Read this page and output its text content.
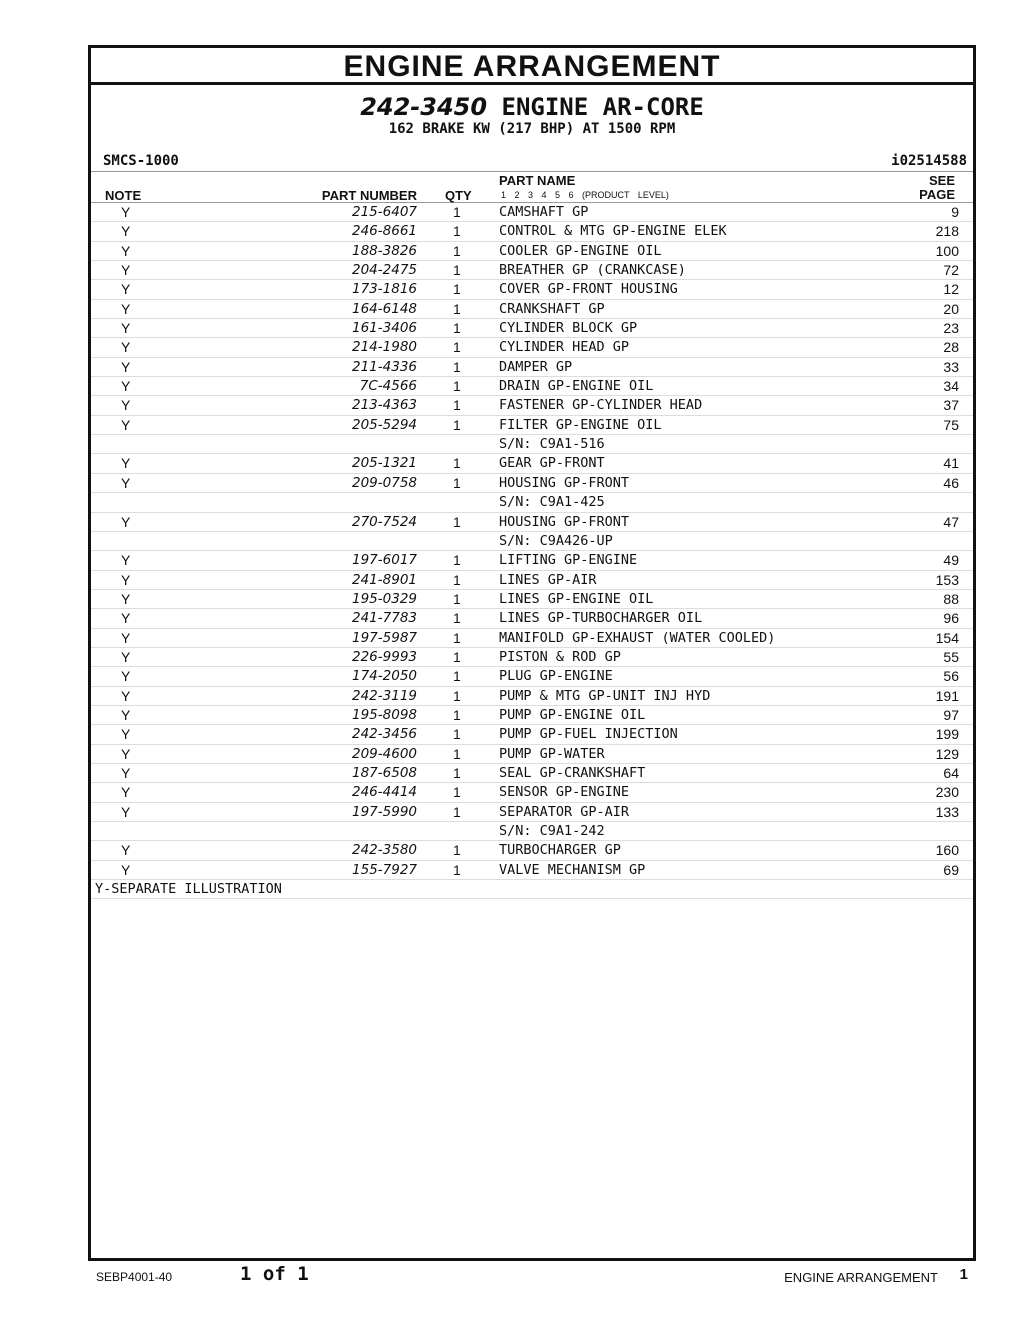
ENGINE ARRANGEMENT
242-3450 ENGINE AR-CORE
162 BRAKE KW (217 BHP) AT 1500 RPM
SMCS-1000	i02514588
NOTE	PART NUMBER QTY
PART NAME
1 2 3 4 5 6 (PRODUCT LEVEL)
SEE
PAGE
Y	215-6407	1	CAMSHAFT GP	9
Y	246-8661	1	CONTROL & MTG GP-ENGINE ELEK	218
Y	188-3826	1	COOLER GP-ENGINE OIL	100
Y	204-2475	1	BREATHER GP (CRANKCASE)	72
Y	173-1816	1	COVER GP-FRONT HOUSING	12
Y	164-6148	1	CRANKSHAFT GP	20
Y	161-3406	1	CYLINDER BLOCK GP	23
Y	214-1980	1	CYLINDER HEAD GP	28
Y	211-4336	1	DAMPER GP	33
Y	7C-4566	1	DRAIN GP-ENGINE OIL	34
Y	213-4363	1	FASTENER GP-CYLINDER HEAD	37
Y	205-5294	1	FILTER GP-ENGINE OIL	75
S/N: C9A1-516
Y	205-1321	1	GEAR GP-FRONT	41
Y	209-0758	1	HOUSING GP-FRONT	46
S/N: C9A1-425
Y	270-7524	1	HOUSING GP-FRONT	47
S/N: C9A426-UP
Y	197-6017	1	LIFTING GP-ENGINE	49
Y	241-8901	1	LINES GP-AIR	153
Y	195-0329	1	LINES GP-ENGINE OIL	88
Y	241-7783	1	LINES GP-TURBOCHARGER OIL	96
Y	197-5987	1	MANIFOLD GP-EXHAUST (WATER COOLED)	154
Y	226-9993	1	PISTON & ROD GP	55
Y	174-2050	1	PLUG GP-ENGINE	56
Y	242-3119	1	PUMP & MTG GP-UNIT INJ HYD	191
Y	195-8098	1	PUMP GP-ENGINE OIL	97
Y	242-3456	1	PUMP GP-FUEL INJECTION	199
Y	209-4600	1	PUMP GP-WATER	129
Y	187-6508	1	SEAL GP-CRANKSHAFT	64
Y	246-4414	1	SENSOR GP-ENGINE	230
Y	197-5990	1	SEPARATOR GP-AIR	133
S/N: C9A1-242
Y	242-3580	1	TURBOCHARGER GP	160
Y	155-7927	1	VALVE MECHANISM GP	69
Y-SEPARATE ILLUSTRATION
SEBP4001-40	1 of 1	ENGINE ARRANGEMENT 1
